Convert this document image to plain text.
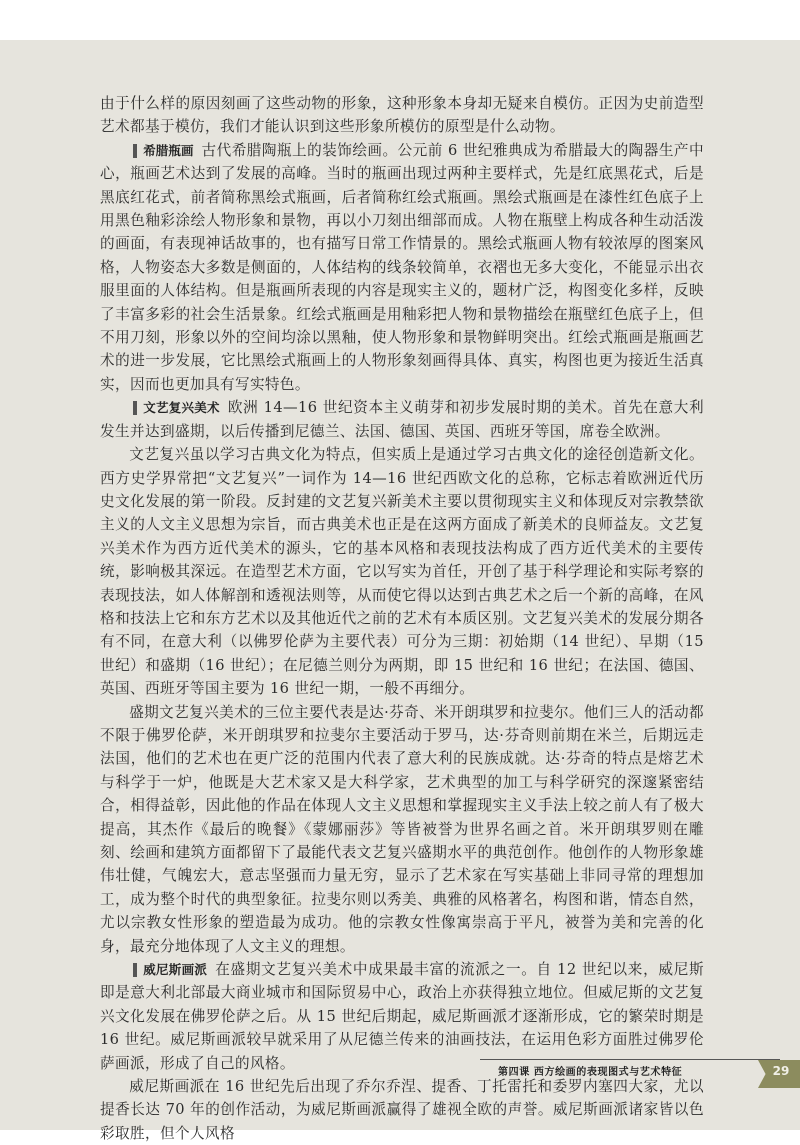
由于什么样的原因刻画了这些动物的形象，这种形象本身却无疑来自模仿。正因为史前造型艺术都基于模仿，我们才能认识到这些形象所模仿的原型是什么动物。

希腊瓶画 古代希腊陶瓶上的装饰绘画。公元前 6 世纪雅典成为希腊最大的陶器生产中心，瓶画艺术达到了发展的高峰。当时的瓶画出现过两种主要样式，先是红底黑花式，后是黑底红花式，前者简称黑绘式瓶画，后者简称红绘式瓶画。黑绘式瓶画是在漆性红色底子上用黑色釉彩涂绘人物形象和景物，再以小刀刻出细部而成。人物在瓶壁上构成各种生动活泼的画面，有表现神话故事的，也有描写日常工作情景的。黑绘式瓶画人物有较浓厚的图案风格，人物姿态大多数是侧面的，人体结构的线条较简单，衣褶也无多大变化，不能显示出衣服里面的人体结构。但是瓶画所表现的内容是现实主义的，题材广泛，构图变化多样，反映了丰富多彩的社会生活景象。红绘式瓶画是用釉彩把人物和景物描绘在瓶壁红色底子上，但不用刀刻，形象以外的空间均涂以黑釉，使人物形象和景物鲜明突出。红绘式瓶画是瓶画艺术的进一步发展，它比黑绘式瓶画上的人物形象刻画得具体、真实，构图也更为接近生活真实，因而也更加具有写实特色。

文艺复兴美术 欧洲 14—16 世纪资本主义萌芽和初步发展时期的美术。首先在意大利发生并达到盛期，以后传播到尼德兰、法国、德国、英国、西班牙等国，席卷全欧洲。

文艺复兴虽以学习古典文化为特点，但实质上是通过学习古典文化的途径创造新文化。西方史学界常把“文艺复兴”一词作为 14—16 世纪西欧文化的总称，它标志着欧洲近代历史文化发展的第一阶段。反封建的文艺复兴新美术主要以贯彻现实主义和体现反对宗教禁欲主义的人文主义思想为宗旨，而古典美术也正是在这两方面成了新美术的良师益友。文艺复兴美术作为西方近代美术的源头，它的基本风格和表现技法构成了西方近代美术的主要传统，影响极其深远。在造型艺术方面，它以写实为首任，开创了基于科学理论和实际考察的表现技法，如人体解剖和透视法则等，从而使它得以达到古典艺术之后一个新的高峰，在风格和技法上它和东方艺术以及其他近代之前的艺术有本质区别。文艺复兴美术的发展分期各有不同，在意大利（以佛罗伦萨为主要代表）可分为三期：初始期（14 世纪）、早期（15 世纪）和盛期（16 世纪）；在尼德兰则分为两期，即 15 世纪和 16 世纪；在法国、德国、英国、西班牙等国主要为 16 世纪一期，一般不再细分。

盛期文艺复兴美术的三位主要代表是达·芬奇、米开朗琪罗和拉斐尔。他们三人的活动都不限于佛罗伦萨，米开朗琪罗和拉斐尔主要活动于罗马，达·芬奇则前期在米兰，后期远走法国，他们的艺术也在更广泛的范围内代表了意大利的民族成就。达·芬奇的特点是熔艺术与科学于一炉，他既是大艺术家又是大科学家，艺术典型的加工与科学研究的深邃紧密结合，相得益彰，因此他的作品在体现人文主义思想和掌握现实主义手法上较之前人有了极大提高，其杰作《最后的晚餐》《蒙娜丽莎》等皆被誉为世界名画之首。米开朗琪罗则在雕刻、绘画和建筑方面都留下了最能代表文艺复兴盛期水平的典范创作。他创作的人物形象雄伟壮健，气魄宏大，意志坚强而力量无穷，显示了艺术家在写实基础上非同寻常的理想加工，成为整个时代的典型象征。拉斐尔则以秀美、典雅的风格著名，构图和谐，情态自然，尤以宗教女性形象的塑造最为成功。他的宗教女性像寓崇高于平凡，被誉为美和完善的化身，最充分地体现了人文主义的理想。

威尼斯画派 在盛期文艺复兴美术中成果最丰富的流派之一。自 12 世纪以来，威尼斯即是意大利北部最大商业城市和国际贸易中心，政治上亦获得独立地位。但威尼斯的文艺复兴文化发展在佛罗伦萨之后。从 15 世纪后期起，威尼斯画派才逐渐形成，它的繁荣时期是 16 世纪。威尼斯画派较早就采用了从尼德兰传来的油画技法，在运用色彩方面胜过佛罗伦萨画派，形成了自己的风格。

威尼斯画派在 16 世纪先后出现了乔尔乔涅、提香、丁托雷托和委罗内塞四大家，尤以提香长达 70 年的创作活动，为威尼斯画派赢得了雄视全欧的声誉。威尼斯画派诸家皆以色彩取胜，但个人风格

第四课 西方绘画的表现图式与艺术特征	29
